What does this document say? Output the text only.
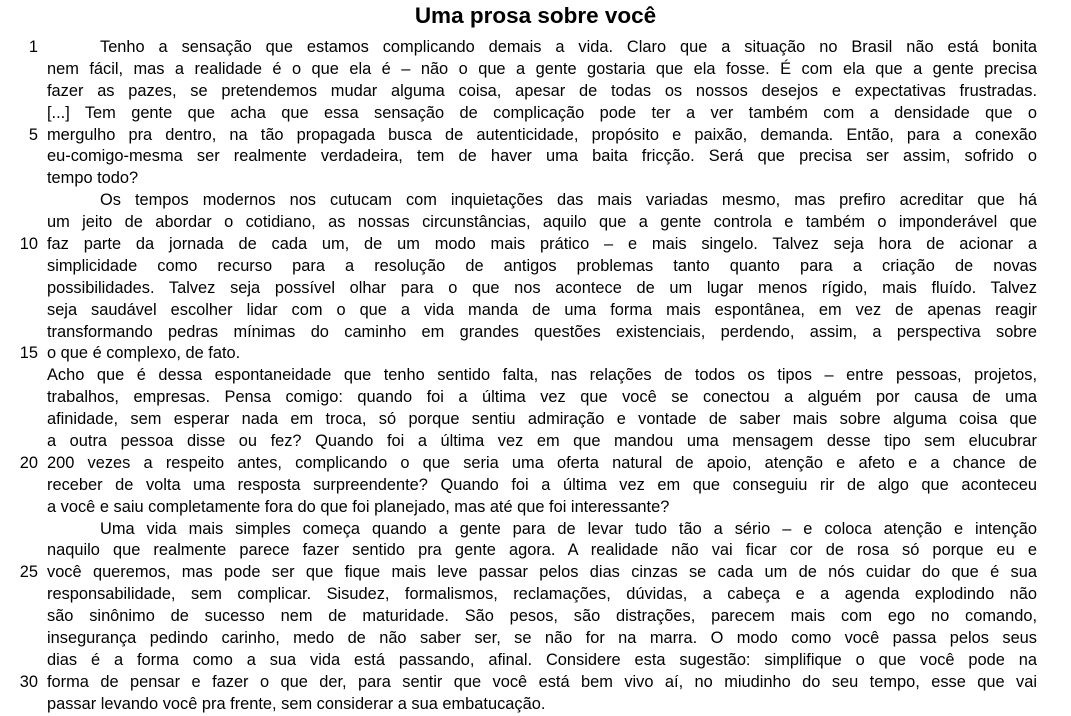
Uma prosa sobre você
1	Tenho a sensação que estamos complicando demais a vida. Claro que a situação no Brasil não está bonita
nem fácil, mas a realidade é o que ela é – não o que a gente gostaria que ela fosse. É com ela que a gente precisa
fazer as pazes, se pretendemos mudar alguma coisa, apesar de todas os nossos desejos e expectativas frustradas.
[...] Tem gente que acha que essa sensação de complicação pode ter a ver também com a densidade que o
5 mergulho pra dentro, na tão propagada busca de autenticidade, propósito e paixão, demanda. Então, para a conexão
eu-comigo-mesma ser realmente verdadeira, tem de haver uma baita fricção. Será que precisa ser assim, sofrido o
tempo todo?
Os tempos modernos nos cutucam com inquietações das mais variadas mesmo, mas prefiro acreditar que há
um jeito de abordar o cotidiano, as nossas circunstâncias, aquilo que a gente controla e também o imponderável que
10 faz parte da jornada de cada um, de um modo mais prático – e mais singelo. Talvez seja hora de acionar a
simplicidade como recurso para a resolução de antigos problemas tanto quanto para a criação de novas
possibilidades. Talvez seja possível olhar para o que nos acontece de um lugar menos rígido, mais fluído. Talvez
seja saudável escolher lidar com o que a vida manda de uma forma mais espontânea, em vez de apenas reagir
transformando pedras mínimas do caminho em grandes questões existenciais, perdendo, assim, a perspectiva sobre
15 o que é complexo, de fato.
Acho que é dessa espontaneidade que tenho sentido falta, nas relações de todos os tipos – entre pessoas, projetos,
trabalhos, empresas. Pensa comigo: quando foi a última vez que você se conectou a alguém por causa de uma
afinidade, sem esperar nada em troca, só porque sentiu admiração e vontade de saber mais sobre alguma coisa que
a outra pessoa disse ou fez? Quando foi a última vez em que mandou uma mensagem desse tipo sem elucubrar
20 200 vezes a respeito antes, complicando o que seria uma oferta natural de apoio, atenção e afeto e a chance de
receber de volta uma resposta surpreendente? Quando foi a última vez em que conseguiu rir de algo que aconteceu
a você e saiu completamente fora do que foi planejado, mas até que foi interessante?
Uma vida mais simples começa quando a gente para de levar tudo tão a sério – e coloca atenção e intenção
naquilo que realmente parece fazer sentido pra gente agora. A realidade não vai ficar cor de rosa só porque eu e
25 você queremos, mas pode ser que fique mais leve passar pelos dias cinzas se cada um de nós cuidar do que é sua
responsabilidade, sem complicar. Sisudez, formalismos, reclamações, dúvidas, a cabeça e a agenda explodindo não
são sinônimo de sucesso nem de maturidade. São pesos, são distrações, parecem mais com ego no comando,
insegurança pedindo carinho, medo de não saber ser, se não for na marra. O modo como você passa pelos seus
dias é a forma como a sua vida está passando, afinal. Considere esta sugestão: simplifique o que você pode na
30 forma de pensar e fazer o que der, para sentir que você está bem vivo aí, no miudinho do seu tempo, esse que vai
passar levando você pra frente, sem considerar a sua embatucação.
